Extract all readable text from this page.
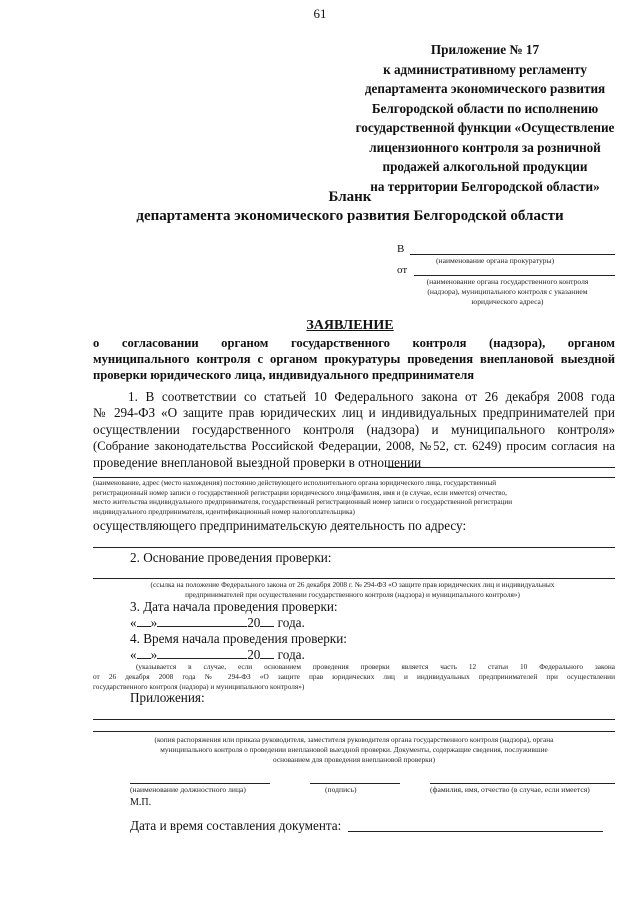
61
Приложение № 17
к административному регламенту
департамента экономического развития
Белгородской области по исполнению
государственной функции «Осуществление
лицензионного контроля за розничной
продажей алкогольной продукции
на территории Белгородской области»
Бланк
департамента экономического развития Белгородской области
В
(наименование органа прокуратуры)
от
(наименование органа государственного контроля
(надзора), муниципального контроля с указанием
юридического адреса)
ЗАЯВЛЕНИЕ
о согласовании органом государственного контроля (надзора), органом
муниципального контроля с органом прокуратуры проведения внеплановой выездной
проверки юридического лица, индивидуального предпринимателя
1. В соответствии со статьей 10 Федерального закона от 26 декабря 2008 года
№ 294-ФЗ «О защите прав юридических лиц и индивидуальных предпринимателей при
осуществлении государственного контроля (надзора) и муниципального контроля»
(Собрание законодательства Российской Федерации, 2008, №52, ст. 6249) просим согласия на
проведение внеплановой выездной проверки в отношении
(наименование, адрес (место нахождения) постоянно действующего исполнительного органа юридического лица, государственный
регистрационный номер записи о государственной регистрации юридического лица/фамилия, имя и (в случае, если имеется) отчество,
место жительства индивидуального предпринимателя, государственный регистрационный номер записи о государственной регистрации
индивидуального предпринимателя, идентификационный номер налогоплательщика)
осуществляющего предпринимательскую деятельность по адресу:
2. Основание проведения проверки:
(ссылка на положение Федерального закона от 26 декабря 2008 г. № 294-ФЗ «О защите прав юридических лиц и индивидуальных
предпринимателей при осуществлении государственного контроля (надзора) и муниципального контроля»)
3. Дата начала проведения проверки:
« »	20 года.
4. Время начала проведения проверки:
« »	20 года.
(указывается в случае, если основанием проведения проверки является часть 12 статьи 10 Федерального закона
от 26 декабря 2008 года № 294-ФЗ «О защите прав юридических лиц и индивидуальных предпринимателей при осуществлении
государственного контроля (надзора) и муниципального контроля»)
Приложения:
(копия распоряжения или приказа руководителя, заместителя руководителя органа государственного контроля (надзора), органа
муниципального контроля о проведении внеплановой выездной проверки. Документы, содержащие сведения, послужившие
основанием для проведения внеплановой проверки)
(наименование должностного лица)	(подпись)	(фамилия, имя, отчество (в случае, если имеется)
М.П.
Дата и время составления документа:
